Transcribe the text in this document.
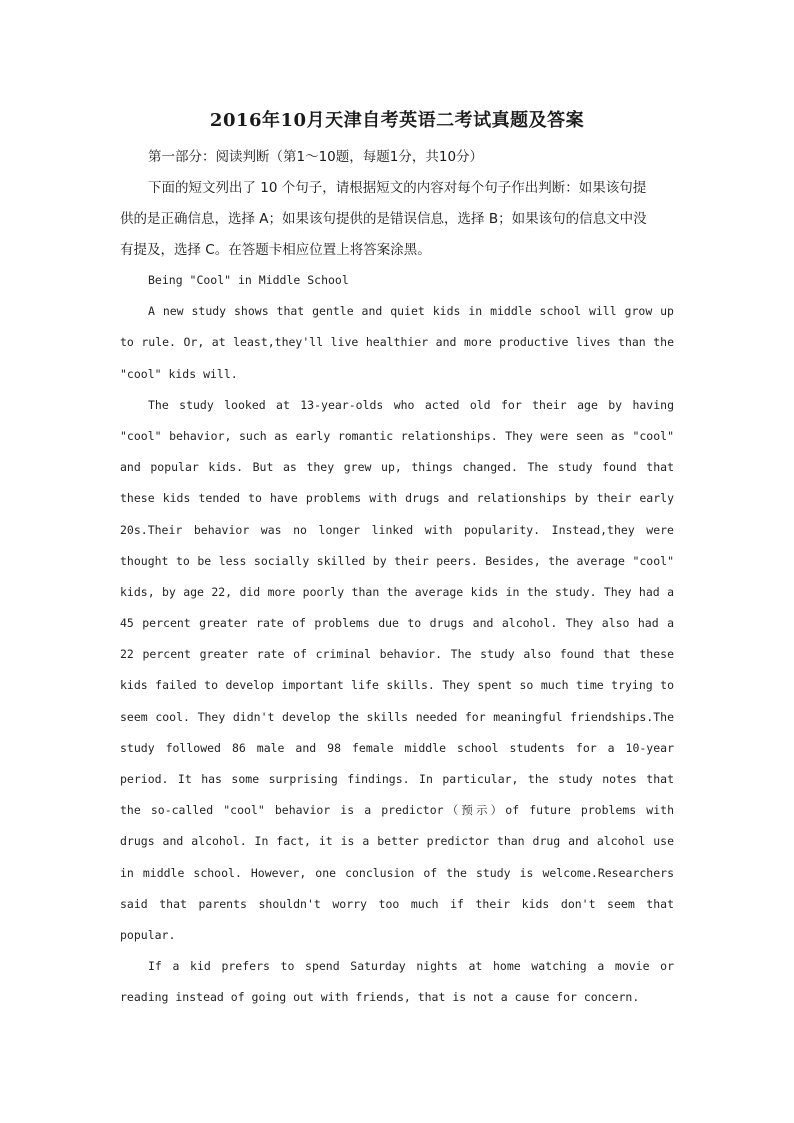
2016年10月天津自考英语二考试真题及答案
第一部分：阅读判断（第1～10题，每题1分，共10分）
下面的短文列出了 10 个句子，请根据短文的内容对每个句子作出判断：如果该句提
供的是正确信息，选择 A；如果该句提供的是错误信息，选择 B；如果该句的信息文中没
有提及，选择 C。在答题卡相应位置上将答案涂黑。
Being "Cool" in Middle School
A new study shows that gentle and quiet kids in middle school will grow up
to rule. Or, at least,they'll live healthier and more productive lives than the
"cool" kids will.
The study looked at 13-year-olds who acted old for their age by having
"cool" behavior, such as early romantic relationships. They were seen as "cool"
and popular kids. But as they grew up, things changed. The study found that
these kids tended to have problems with drugs and relationships by their early
20s.Their behavior was no longer linked with popularity. Instead,they were
thought to be less socially skilled by their peers. Besides, the average "cool"
kids, by age 22, did more poorly than the average kids in the study. They had a
45 percent greater rate of problems due to drugs and alcohol. They also had a
22 percent greater rate of criminal behavior. The study also found that these
kids failed to develop important life skills. They spent so much time trying to
seem cool. They didn't develop the skills needed for meaningful friendships.The
study followed 86 male and 98 female middle school students for a 10-year
period. It has some surprising findings. In particular, the study notes that
the so-called "cool" behavior is a predictor（预示）of future problems with
drugs and alcohol. In fact, it is a better predictor than drug and alcohol use
in middle school. However, one conclusion of the study is welcome.Researchers
said that parents shouldn't worry too much if their kids don't seem that
popular.
If a kid prefers to spend Saturday nights at home watching a movie or
reading instead of going out with friends, that is not a cause for concern.
